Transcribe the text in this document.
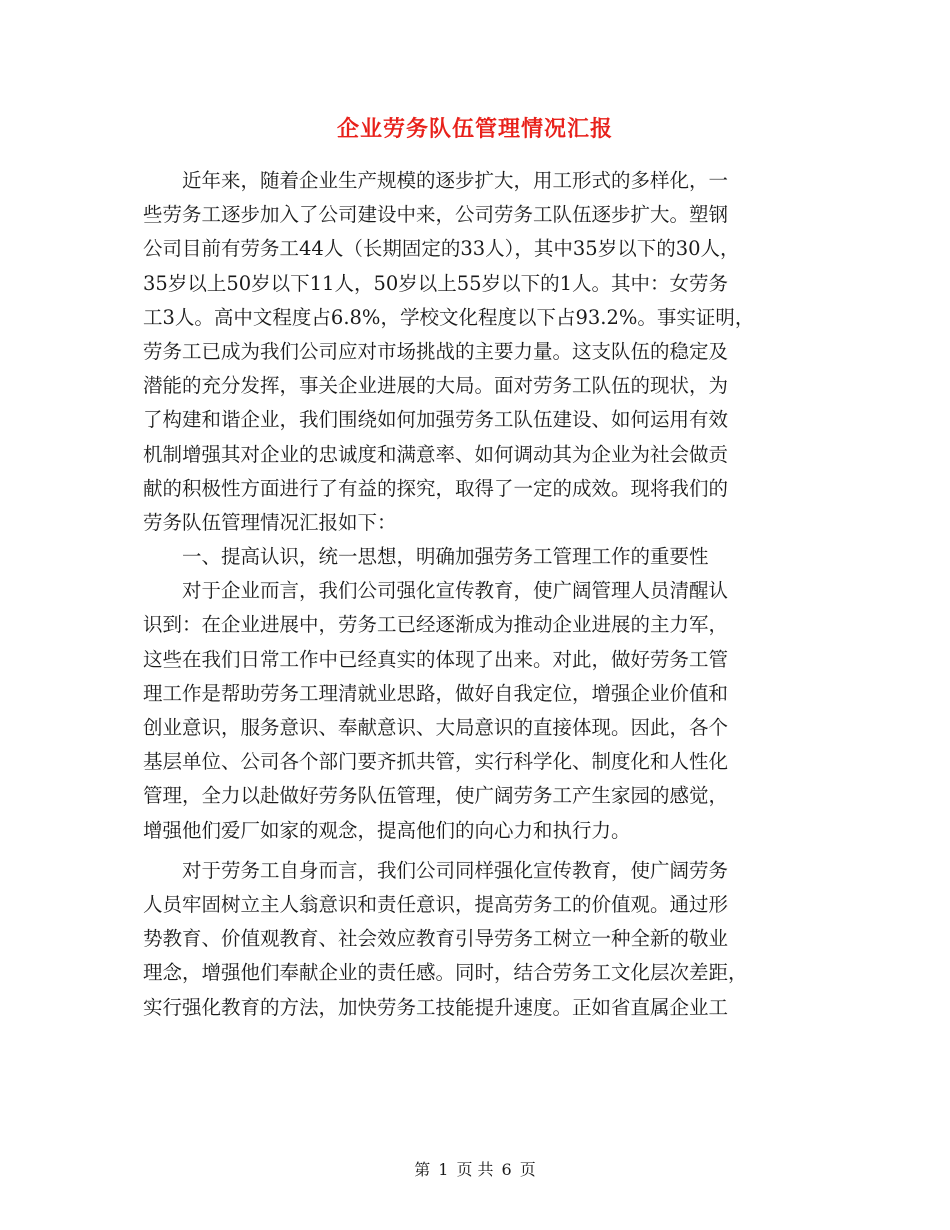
企业劳务队伍管理情况汇报
　　近年来，随着企业生产规模的逐步扩大，用工形式的多样化，一
些劳务工逐步加入了公司建设中来，公司劳务工队伍逐步扩大。塑钢
公司目前有劳务工44人（长期固定的33人），其中35岁以下的30人，
35岁以上50岁以下11人，50岁以上55岁以下的1人。其中：女劳务
工3人。高中文程度占6.8%，学校文化程度以下占93.2%。事实证明，
劳务工已成为我们公司应对市场挑战的主要力量。这支队伍的稳定及
潜能的充分发挥，事关企业进展的大局。面对劳务工队伍的现状，为
了构建和谐企业，我们围绕如何加强劳务工队伍建设、如何运用有效
机制增强其对企业的忠诚度和满意率、如何调动其为企业为社会做贡
献的积极性方面进行了有益的探究，取得了一定的成效。现将我们的
劳务队伍管理情况汇报如下：
　　一、提高认识，统一思想，明确加强劳务工管理工作的重要性
　　对于企业而言，我们公司强化宣传教育，使广阔管理人员清醒认
识到：在企业进展中，劳务工已经逐渐成为推动企业进展的主力军，
这些在我们日常工作中已经真实的体现了出来。对此，做好劳务工管
理工作是帮助劳务工理清就业思路，做好自我定位，增强企业价值和
创业意识，服务意识、奉献意识、大局意识的直接体现。因此，各个
基层单位、公司各个部门要齐抓共管，实行科学化、制度化和人性化
管理，全力以赴做好劳务队伍管理，使广阔劳务工产生家园的感觉，
增强他们爱厂如家的观念，提高他们的向心力和执行力。
　　对于劳务工自身而言，我们公司同样强化宣传教育，使广阔劳务
人员牢固树立主人翁意识和责任意识，提高劳务工的价值观。通过形
势教育、价值观教育、社会效应教育引导劳务工树立一种全新的敬业
理念，增强他们奉献企业的责任感。同时，结合劳务工文化层次差距，
实行强化教育的方法，加快劳务工技能提升速度。正如省直属企业工
第 1 页 共 6 页
